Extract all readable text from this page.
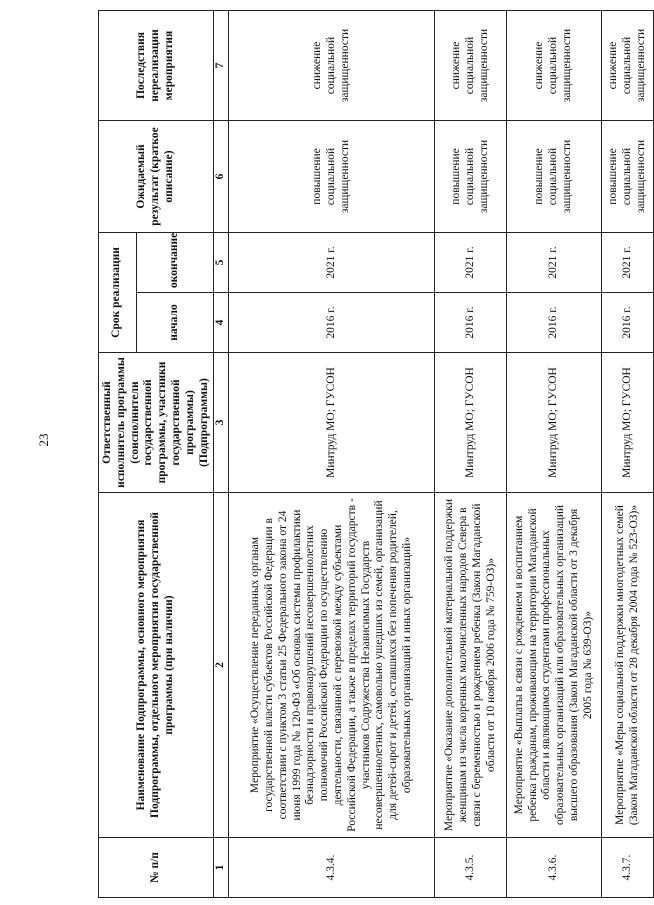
23
№ п/п	Наименование Подпрограммы, основного мероприятия Подпрограммы, отдельного мероприятия государственной программы (при наличии)	Ответственный исполнитель программы (соисполнители государственной программы, участники государственной программы) (Подпрограммы)	Срок реализации		Ожидаемый результат (краткое описание)	Последствия нереализации мероприятия
			начало	окончание		
1	2	3	4	5	6	7
4.3.4.	Мероприятие «Осуществление переданных органам государственной власти субъектов Российской Федерации в соответствии с пунктом 3 статьи 25 Федерального закона от 24 июня 1999 года № 120-ФЗ «Об основах системы профилактики безнадзорности и правонарушений несовершеннолетних полномочий Российской Федерации по осуществлению деятельности, связанной с перевозкой между субъектами Российской Федерации, а также в пределах территорий государств - участников Содружества Независимых Государств несовершеннолетних, самовольно ушедших из семей, организаций для детей-сирот и детей, оставшихся без попечения родителей, образовательных организаций и иных организаций»	Минтруд МО; ГУСОН	2016 г.	2021 г.	повышение социальной защищенности	снижение социальной защищенности
4.3.5.	Мероприятие «Оказание дополнительной материальной поддержки женщинам из числа коренных малочисленных народов Севера в связи с беременностью и рождением ребенка (Закон Магаданской области от 10 ноября 2006 года № 759-ОЗ)»	Минтруд МО; ГУСОН	2016 г.	2021 г.	повышение социальной защищенности	снижение социальной защищенности
4.3.6.	Мероприятие «Выплаты в связи с рождением и воспитанием ребенка гражданам, проживающим на территории Магаданской области и являющимся студентами профессиональных образовательных организаций или образовательных организаций высшего образования (Закон Магаданской области от 3 декабря 2005 года № 639-ОЗ)»	Минтруд МО; ГУСОН	2016 г.	2021 г.	повышение социальной защищенности	снижение социальной защищенности
4.3.7.	Мероприятие «Меры социальной поддержки многодетных семей (Закон Магаданской области от 28 декабря 2004 года № 523-ОЗ)»	Минтруд МО; ГУСОН	2016 г.	2021 г.	повышение социальной защищенности	снижение социальной защищенности
